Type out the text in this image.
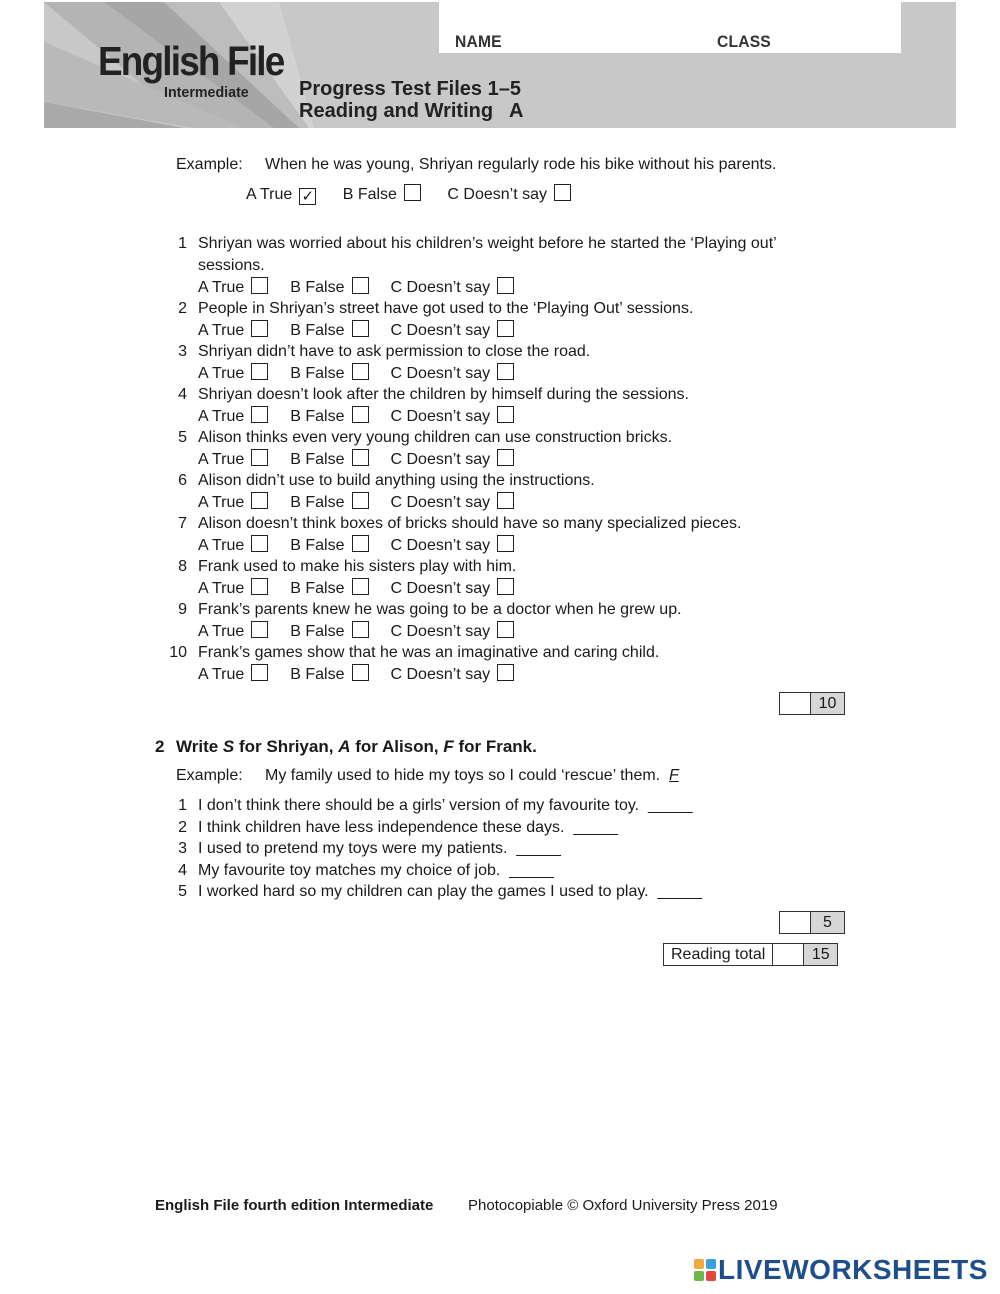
NAME	CLASS
English File
Intermediate	Progress Test Files 1–5
Reading and Writing   A
Example: When he was young, Shriyan regularly rode his bike without his parents.
A True ✓ B False	C Doesn’t say
1 Shriyan was worried about his children’s weight before he started the ‘Playing out’
sessions.
A True	B False	C Doesn’t say
2 People in Shriyan’s street have got used to the ‘Playing Out’ sessions.
A True	B False	C Doesn’t say
3 Shriyan didn’t have to ask permission to close the road.
A True	B False	C Doesn’t say
4 Shriyan doesn’t look after the children by himself during the sessions.
A True	B False	C Doesn’t say
5 Alison thinks even very young children can use construction bricks.
A True	B False	C Doesn’t say
6 Alison didn’t use to build anything using the instructions.
A True	B False	C Doesn’t say
7 Alison doesn’t think boxes of bricks should have so many specialized pieces.
A True	B False	C Doesn’t say
8 Frank used to make his sisters play with him.
A True	B False	C Doesn’t say
9 Frank’s parents knew he was going to be a doctor when he grew up.
A True	B False	C Doesn’t say
10 Frank’s games show that he was an imaginative and caring child.
A True	B False	C Doesn’t say
10
2 Write S for Shriyan, A for Alison, F for Frank.
Example: My family used to hide my toys so I could ‘rescue’ them. F
1 I don’t think there should be a girls’ version of my favourite toy. _____
2 I think children have less independence these days. _____
3 I used to pretend my toys were my patients. _____
4 My favourite toy matches my choice of job. _____
5 I worked hard so my children can play the games I used to play. _____
5
Reading total	15
English File fourth edition Intermediate Photocopiable © Oxford University Press 2019
LIVEWORKSHEETS
